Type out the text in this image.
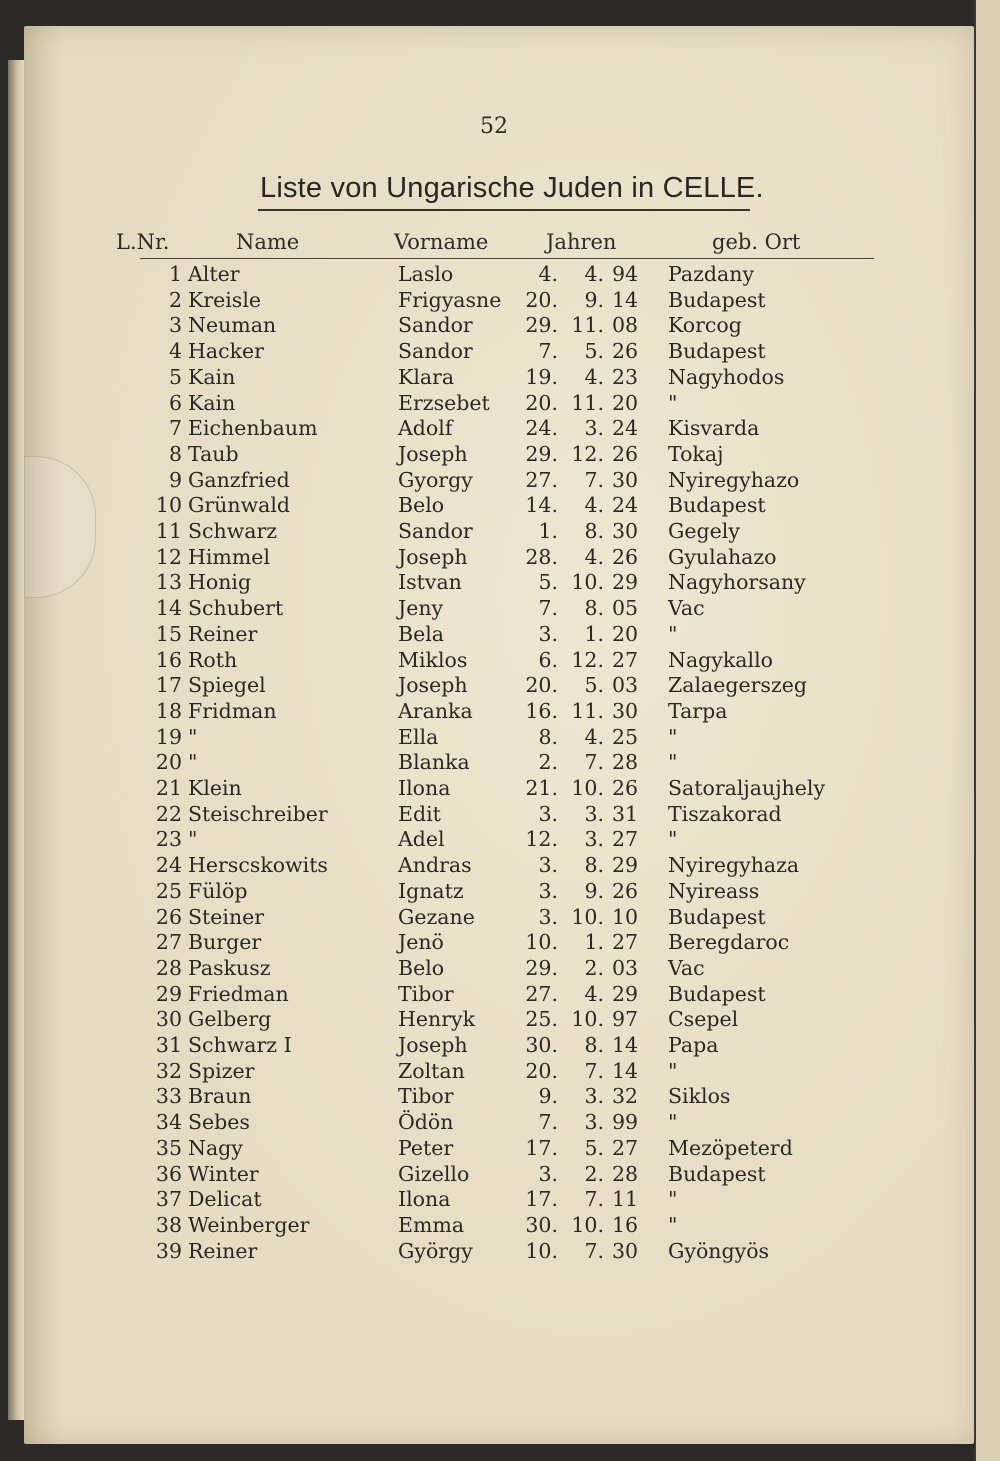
52
Liste von Ungarische Juden in CELLE.
L.Nr.	Name	Vorname	Jahren	geb. Ort
1 Alter	Laslo	4.	4. 94 Pazdany
2 Kreisle	Frigyasne	20.	9. 14 Budapest
3 Neuman	Sandor	29. 11. 08 Korcog
4 Hacker	Sandor	7.	5. 26 Budapest
5 Kain	Klara	19.	4. 23 Nagyhodos
6 Kain	Erzsebet	20. 11. 20 "
7 Eichenbaum	Adolf	24.	3. 24 Kisvarda
8 Taub	Joseph	29. 12. 26 Tokaj
9 Ganzfried	Gyorgy	27.	7. 30 Nyiregyhazo
10 Grünwald	Belo	14.	4. 24 Budapest
11 Schwarz	Sandor	1.	8. 30 Gegely
12 Himmel	Joseph	28.	4. 26 Gyulahazo
13 Honig	Istvan	5. 10. 29 Nagyhorsany
14 Schubert	Jeny	7.	8. 05 Vac
15 Reiner	Bela	3.	1. 20 "
16 Roth	Miklos	6. 12. 27 Nagykallo
17 Spiegel	Joseph	20.	5. 03 Zalaegerszeg
18 Fridman	Aranka	16. 11. 30 Tarpa
19 "	Ella	8.	4. 25 "
20 "	Blanka	2.	7. 28 "
21 Klein	Ilona	21. 10. 26 Satoraljaujhely
22 Steischreiber	Edit	3.	3. 31 Tiszakorad
23 "	Adel	12.	3. 27 "
24 Herscskowits	Andras	3.	8. 29 Nyiregyhaza
25 Fülöp	Ignatz	3.	9. 26 Nyireass
26 Steiner	Gezane	3. 10. 10 Budapest
27 Burger	Jenö	10.	1. 27 Beregdaroc
28 Paskusz	Belo	29.	2. 03 Vac
29 Friedman	Tibor	27.	4. 29 Budapest
30 Gelberg	Henryk	25. 10. 97 Csepel
31 Schwarz I	Joseph	30.	8. 14 Papa
32 Spizer	Zoltan	20.	7. 14 "
33 Braun	Tibor	9.	3. 32 Siklos
34 Sebes	Ödön	7.	3. 99 "
35 Nagy	Peter	17.	5. 27 Mezöpeterd
36 Winter	Gizello	3.	2. 28 Budapest
37 Delicat	Ilona	17.	7. 11 "
38 Weinberger	Emma	30. 10. 16 "
39 Reiner	György	10.	7. 30 Gyöngyös
